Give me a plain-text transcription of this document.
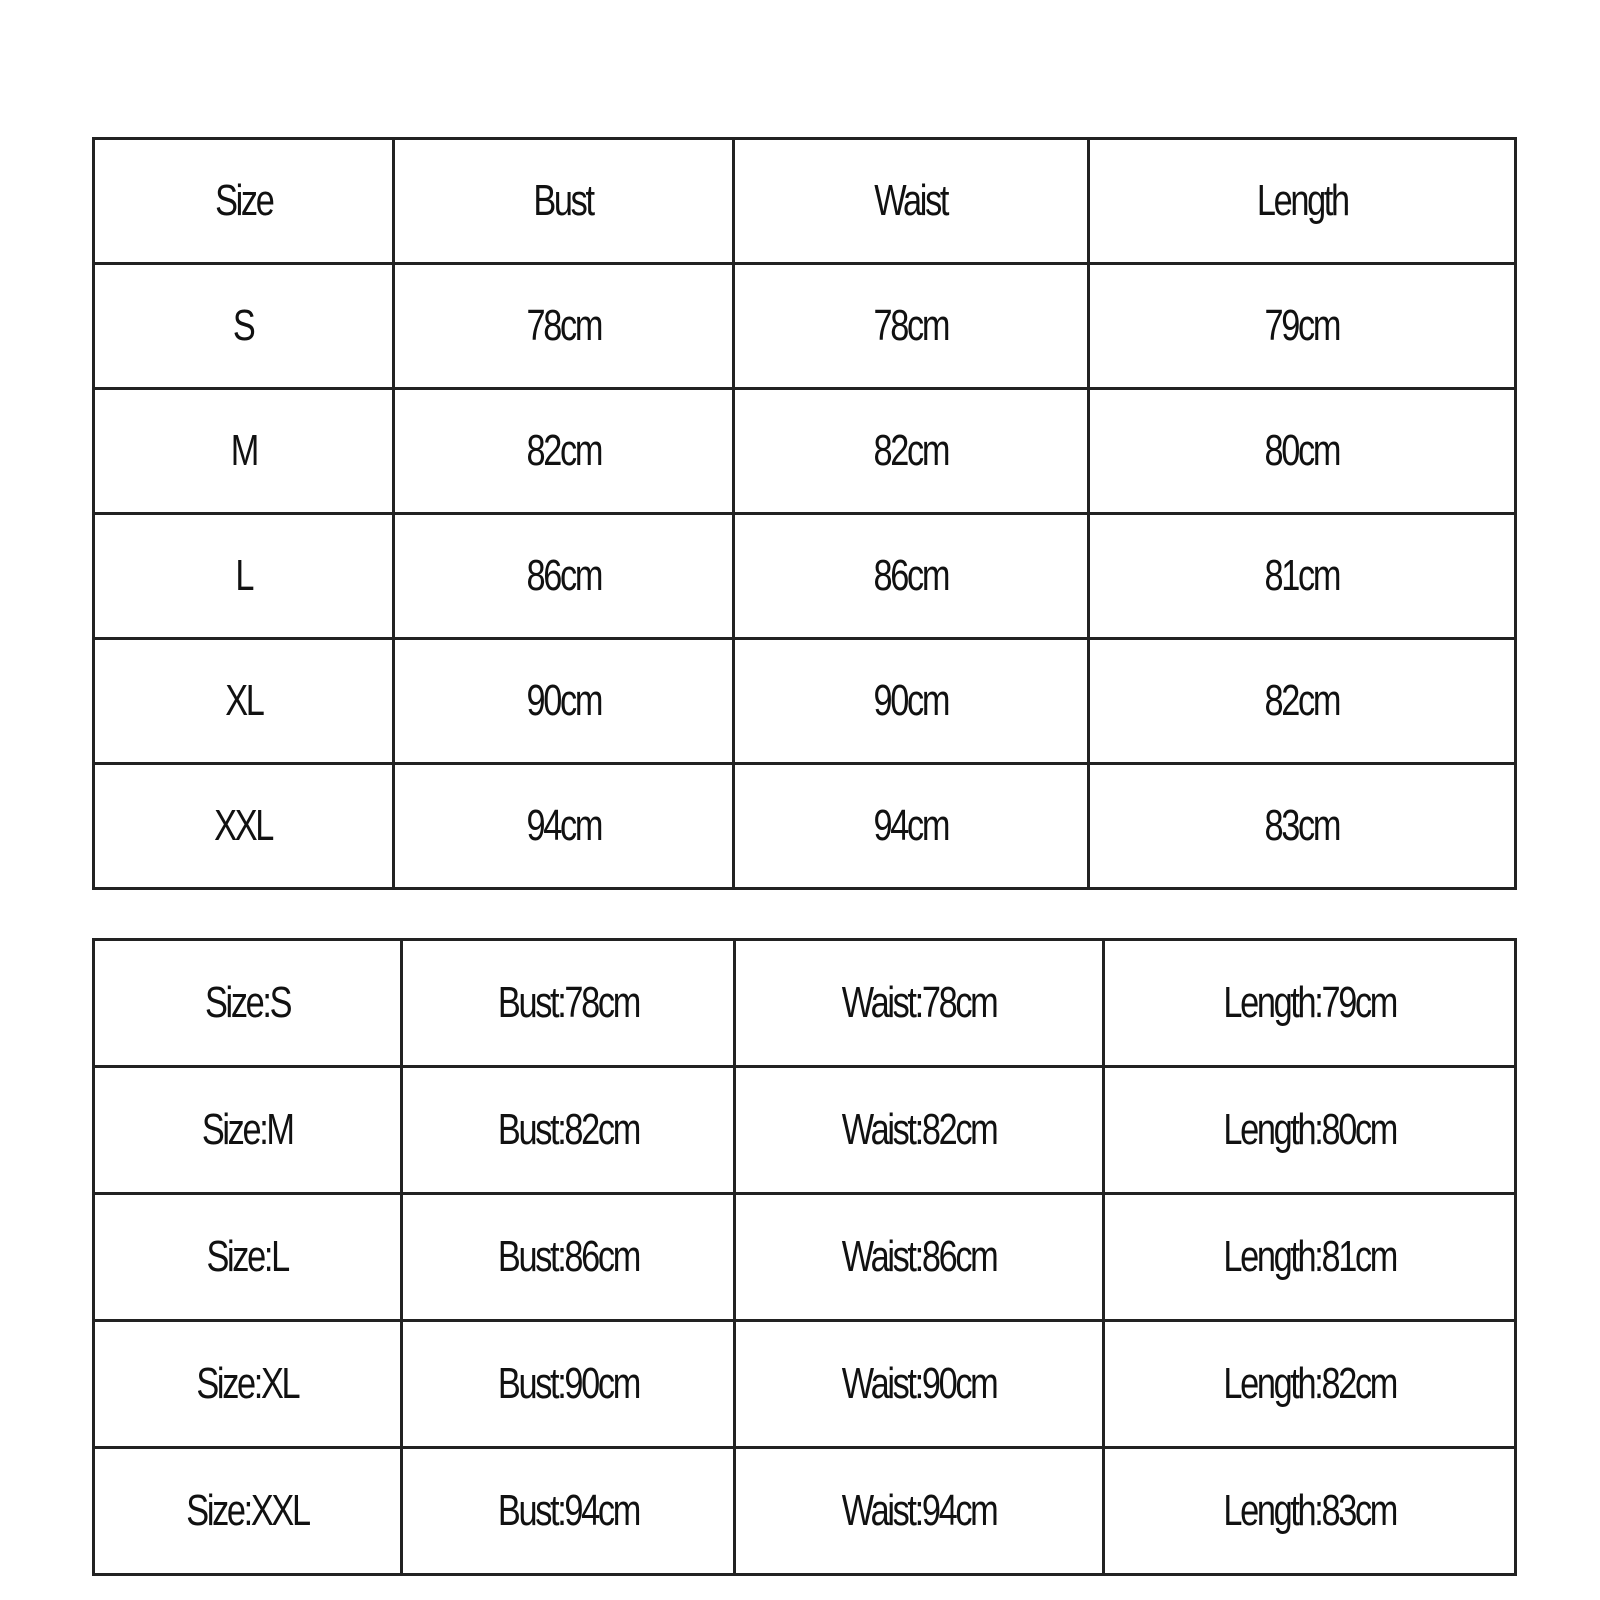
Size	Bust	Waist	Length
S	78cm	78cm	79cm
M	82cm	82cm	80cm
L	86cm	86cm	81cm
XL	90cm	90cm	82cm
XXL	94cm	94cm	83cm
Size:S	Bust:78cm	Waist:78cm	Length:79cm
Size:M	Bust:82cm	Waist:82cm	Length:80cm
Size:L	Bust:86cm	Waist:86cm	Length:81cm
Size:XL	Bust:90cm	Waist:90cm	Length:82cm
Size:XXL	Bust:94cm	Waist:94cm	Length:83cm
